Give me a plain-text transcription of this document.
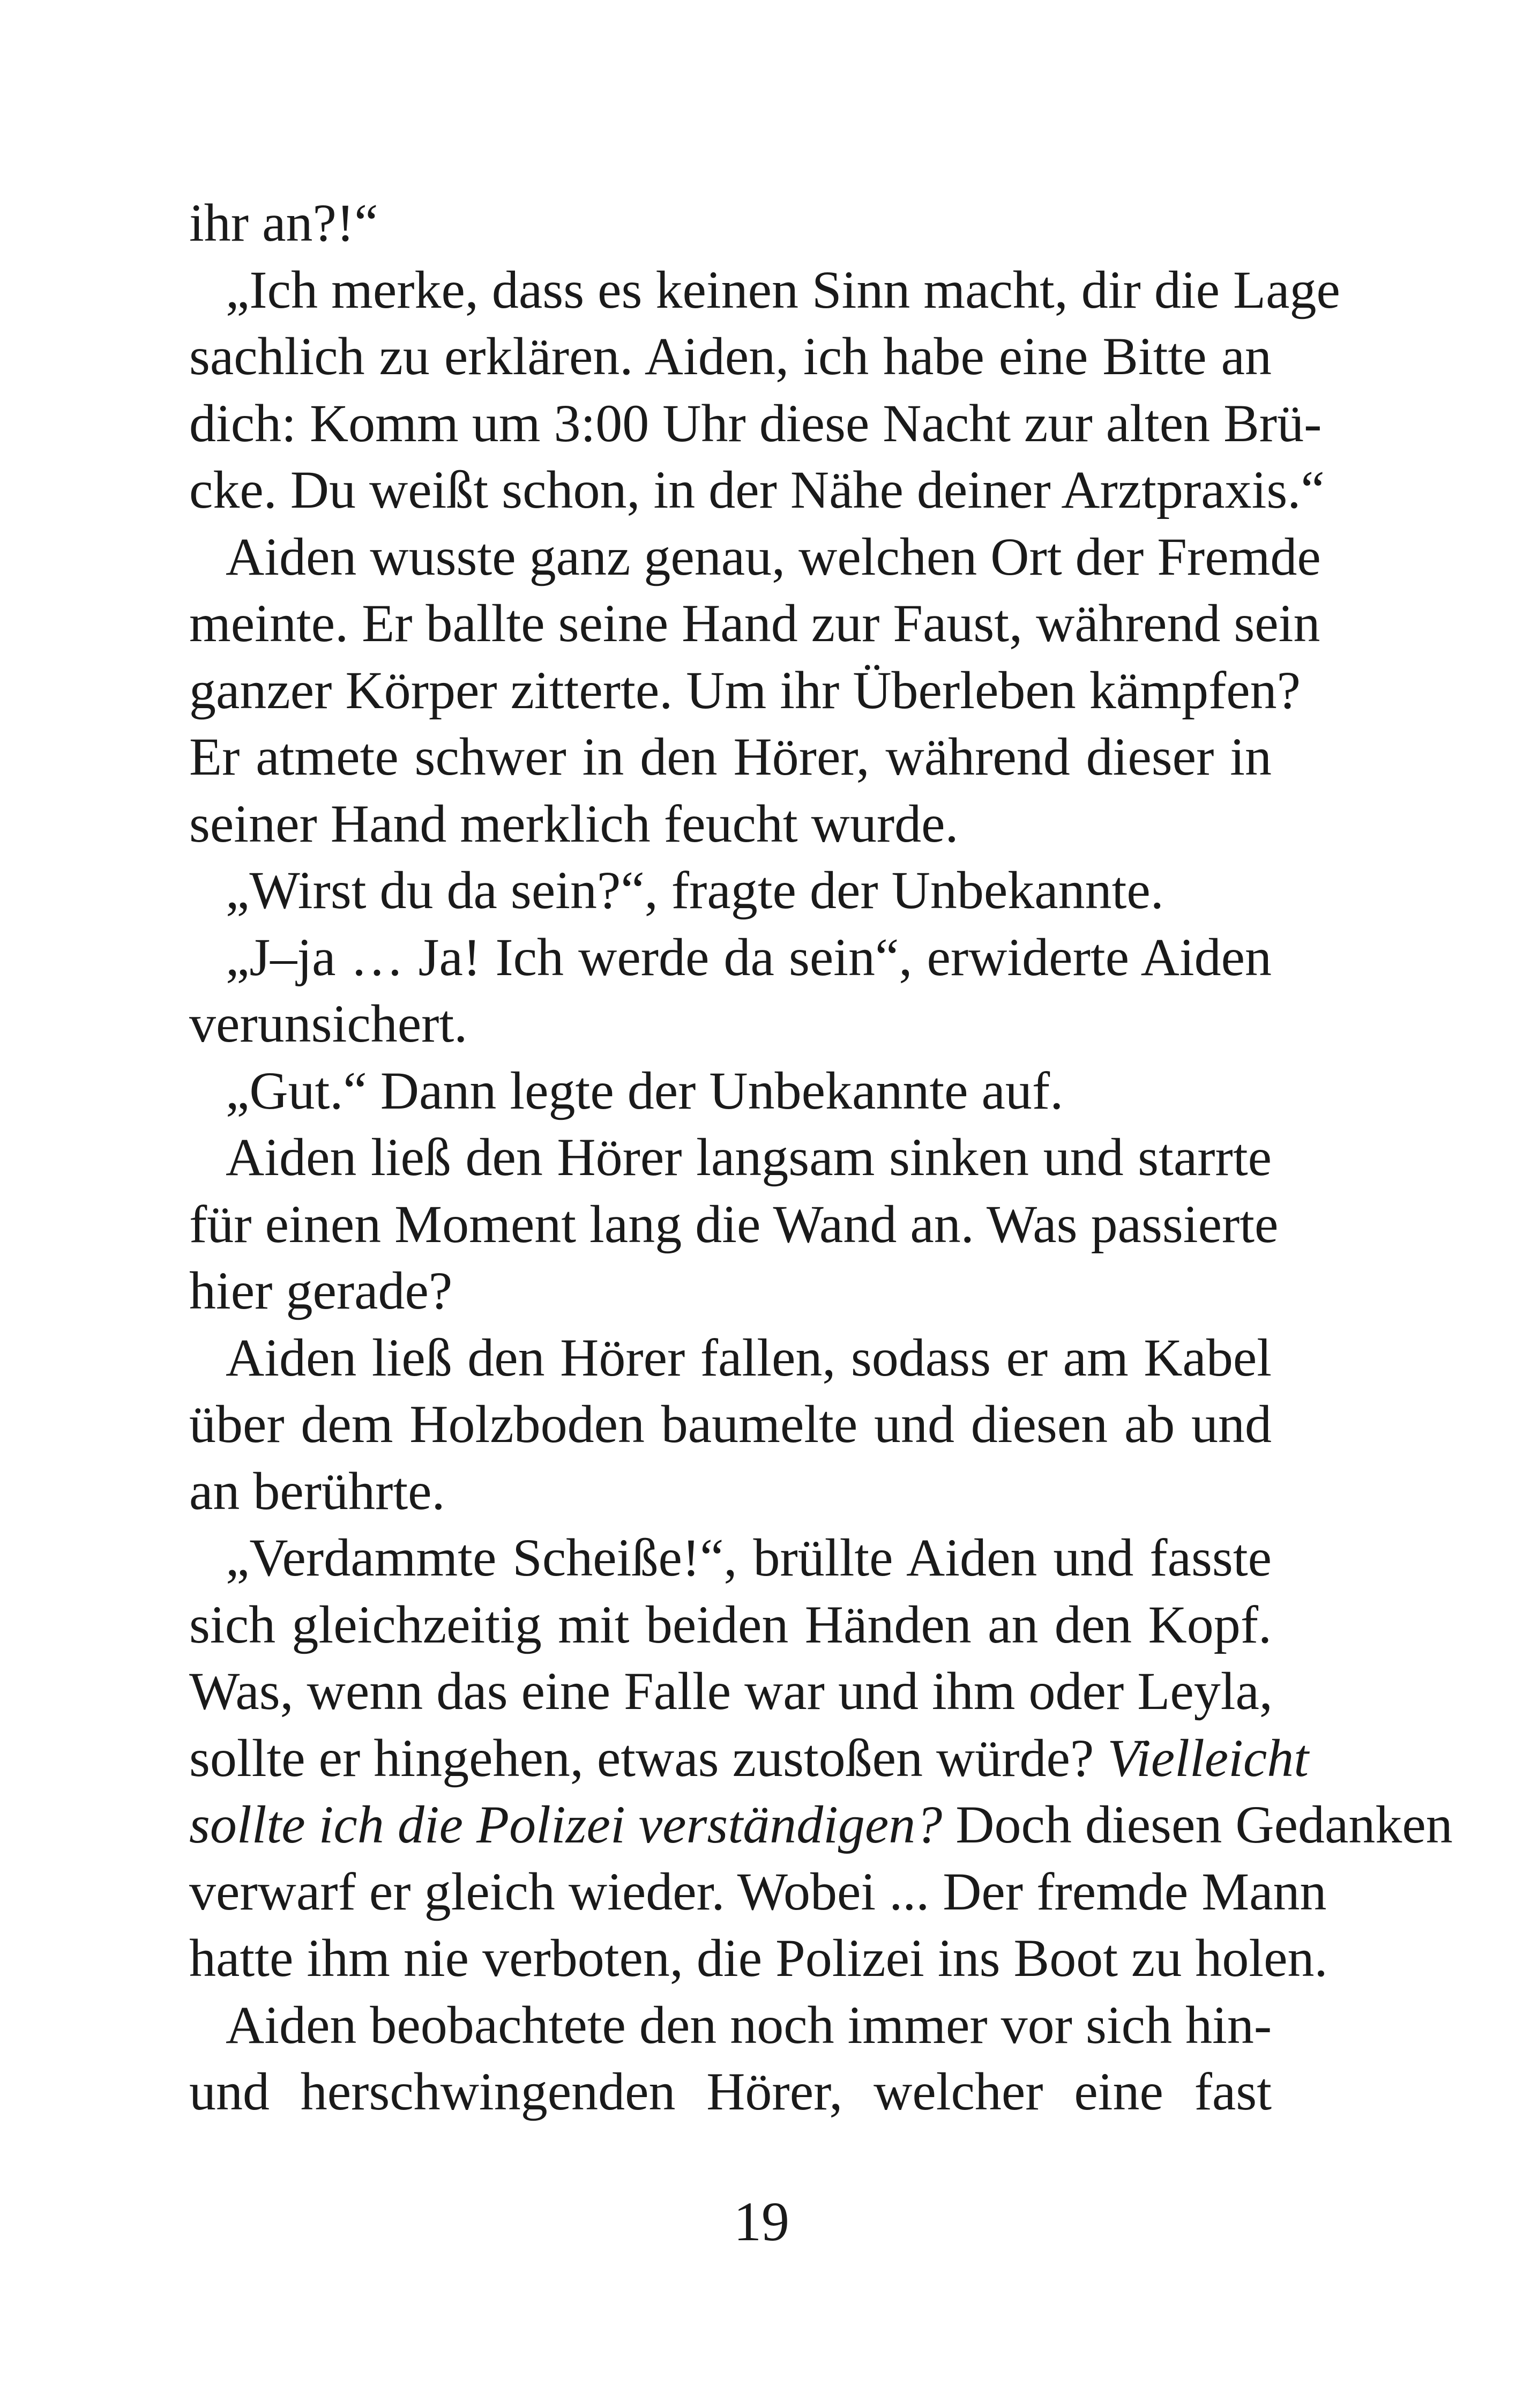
ihr an?!“
„Ich merke, dass es keinen Sinn macht, dir die Lage
sachlich zu erklären. Aiden, ich habe eine Bitte an
dich: Komm um 3:00 Uhr diese Nacht zur alten Brü-
cke. Du weißt schon, in der Nähe deiner Arztpraxis.“
Aiden wusste ganz genau, welchen Ort der Fremde
meinte. Er ballte seine Hand zur Faust, während sein
ganzer Körper zitterte. Um ihr Überleben kämpfen?
Er atmete schwer in den Hörer, während dieser in
seiner Hand merklich feucht wurde.
„Wirst du da sein?“, fragte der Unbekannte.
„J–ja … Ja! Ich werde da sein“, erwiderte Aiden
verunsichert.
„Gut.“ Dann legte der Unbekannte auf.
Aiden ließ den Hörer langsam sinken und starrte
für einen Moment lang die Wand an. Was passierte
hier gerade?
Aiden ließ den Hörer fallen, sodass er am Kabel
über dem Holzboden baumelte und diesen ab und
an berührte.
„Verdammte Scheiße!“, brüllte Aiden und fasste
sich gleichzeitig mit beiden Händen an den Kopf.
Was, wenn das eine Falle war und ihm oder Leyla,
sollte er hingehen, etwas zustoßen würde? Vielleicht
sollte ich die Polizei verständigen? Doch diesen Gedanken
verwarf er gleich wieder. Wobei ... Der fremde Mann
hatte ihm nie verboten, die Polizei ins Boot zu holen.
Aiden beobachtete den noch immer vor sich hin-
und herschwingenden Hörer, welcher eine fast
19
